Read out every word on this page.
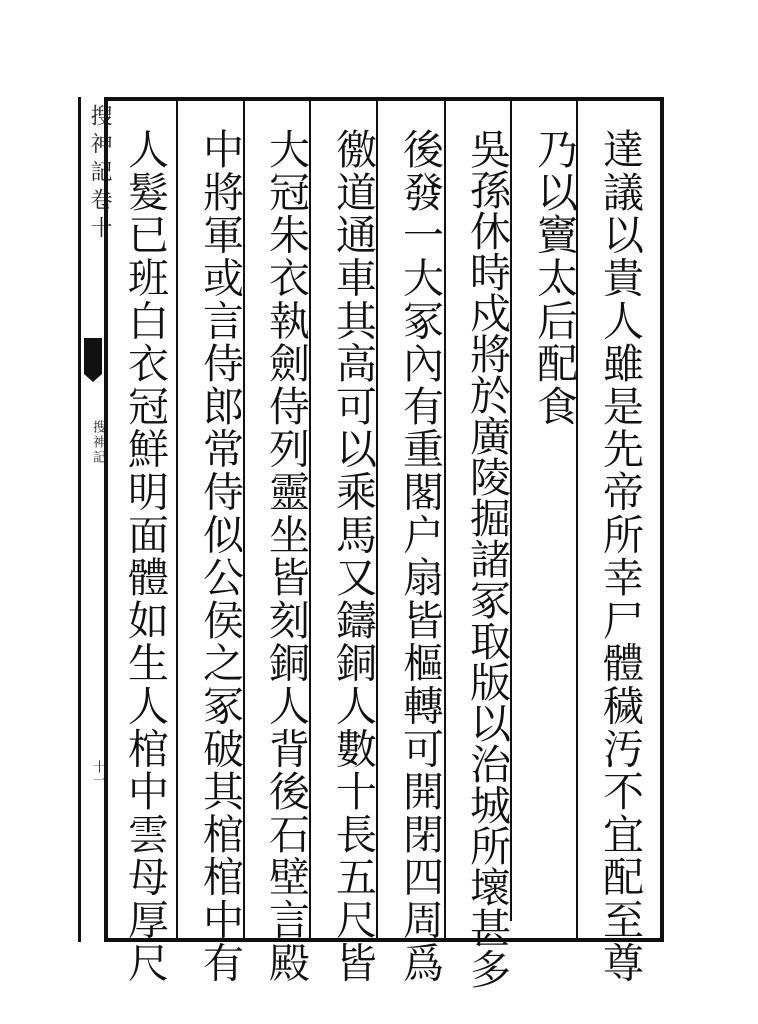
搜神記卷十
搜神記
十一	達議以貴人雖是先帝所幸尸體穢汚不宜配至尊
乃以竇太后配食
吳孫休時戍將於廣陵掘諸冢取版以治城所壞甚多
後發一大冢內有重閣户扇皆樞轉可開閉四周爲
徼道通車其高可以乘馬又鑄銅人數十長五尺皆
大冠朱衣執劍侍列靈坐皆刻銅人背後石壁言殿
中將軍或言侍郎常侍似公侯之冢破其棺棺中有
人髮已班白衣冠鮮明面體如生人棺中雲母厚尺
